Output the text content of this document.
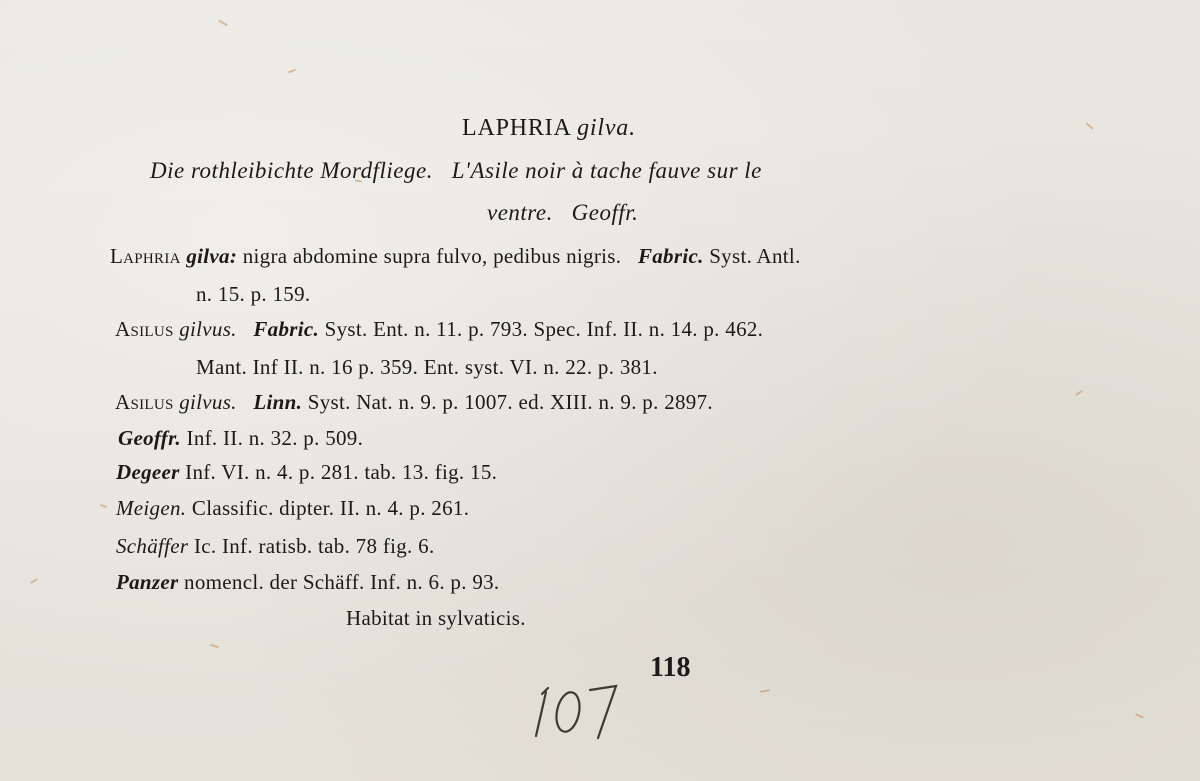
LAPHRIA gilva.
Die rothleibichte Mordfliege. L'Asile noir à tache fauve sur le
ventre. Geoffr.
Laphria gilva: nigra abdomine supra fulvo, pedibus nigris. Fabric. Syst. Antl.
n. 15. p. 159.
Asilus gilvus. Fabric. Syst. Ent. n. 11. p. 793. Spec. Inf. II. n. 14. p. 462.
Mant. Inf II. n. 16 p. 359. Ent. syst. VI. n. 22. p. 381.
Asilus gilvus. Linn. Syst. Nat. n. 9. p. 1007. ed. XIII. n. 9. p. 2897.
Geoffr. Inf. II. n. 32. p. 509.
Degeer Inf. VI. n. 4. p. 281. tab. 13. fig. 15.
Meigen. Classific. dipter. II. n. 4. p. 261.
Schäffer Ic. Inf. ratisb. tab. 78 fig. 6.
Panzer nomencl. der Schäff. Inf. n. 6. p. 93.
Habitat in sylvaticis.
118
